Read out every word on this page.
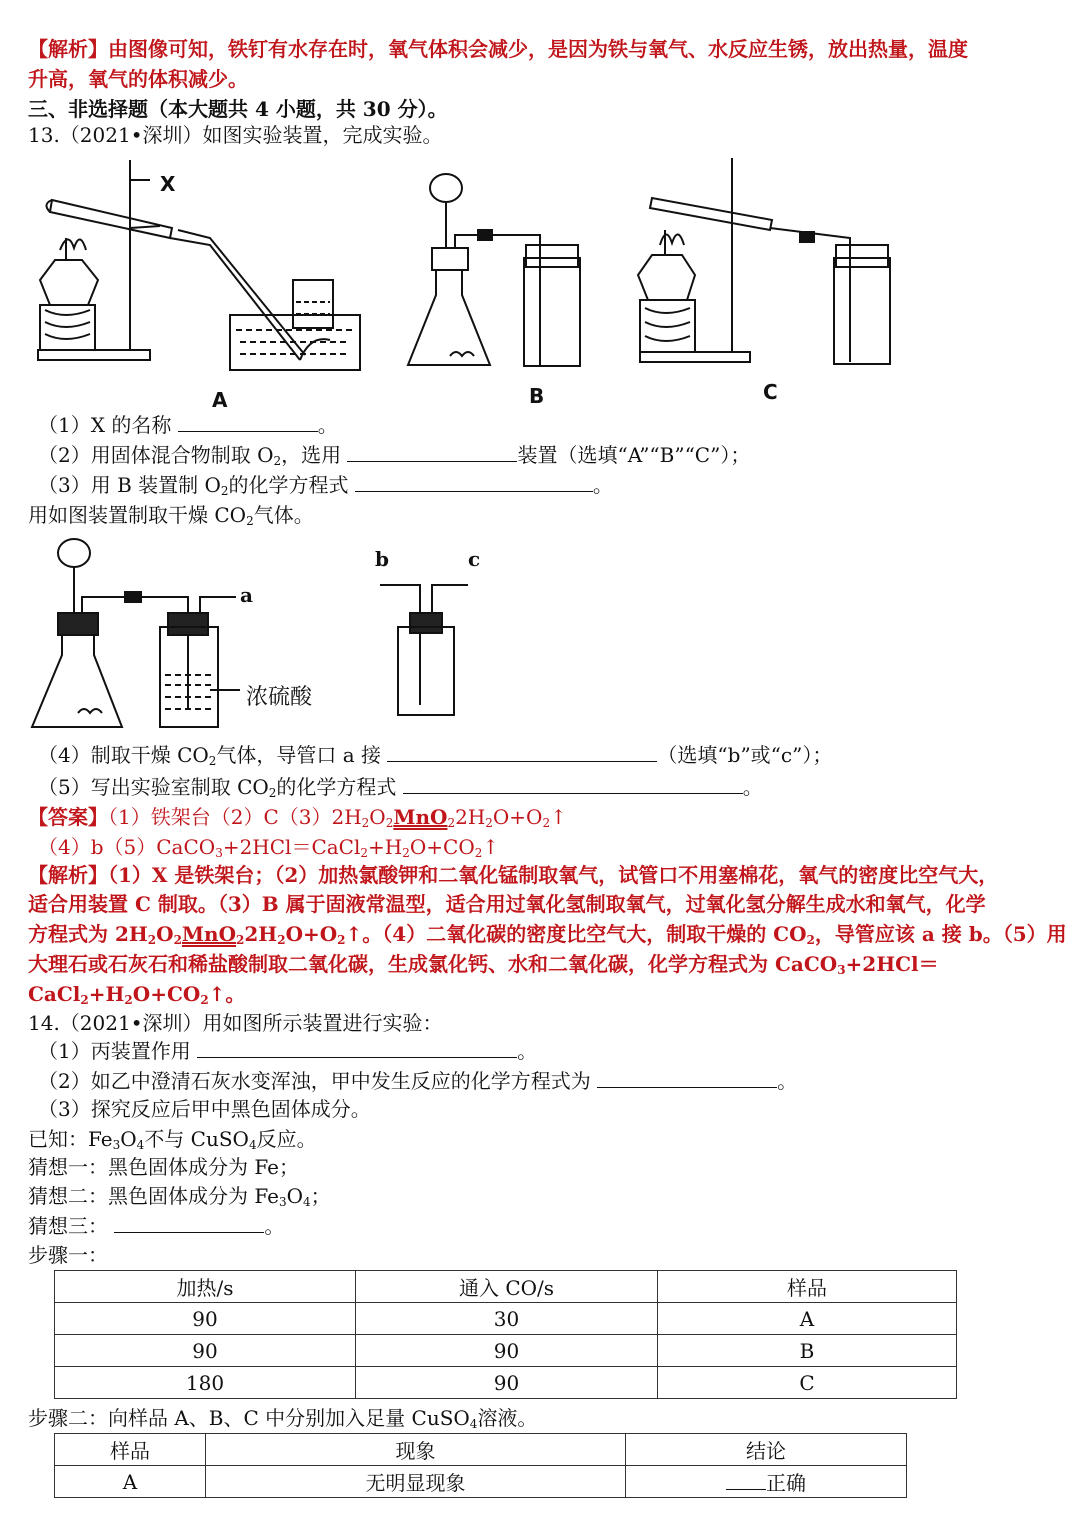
【解析】由图像可知，铁钉有水存在时，氧气体积会减少，是因为铁与氧气、水反应生锈，放出热量，温度
升高，氧气的体积减少。
三、非选择题（本大题共 4 小题，共 30 分）。
13.（2021•深圳）如图实验装置，完成实验。
X
A	B	C
（1）X 的名称	。
（2）用固体混合物制取 $O_2$，选用	装置（选填“A”“B”“C”）；
（3）用 B 装置制 $O_2$的化学方程式	。
用如图装置制取干燥 $CO_2$气体。
a
b	c
浓硫酸
（4）制取干燥 $CO_2$气体，导管口 a 接	（选填“b”或“c”）；
（5）写出实验室制取 $CO_2$的化学方程式	。
【答案】（1）铁架台$(2)C(3)2H_2O_2MnO_22H_2O+O_2↑$
$(4)b(5)CaCO_3+2HCl=CaCl_2+H_2O+CO_2↑$
【解析】（1）X 是铁架台；（2）加热氯酸钾和二氧化锰制取氧气，试管口不用塞棉花，氧气的密度比空气大，
适合用装置 C 制取。（3）B 属于固液常温型，适合用过氧化氢制取氧气，过氧化氢分解生成水和氧气，化学
方程式为 $2H_2O_2MnO_22H_2O+O_2↑$。（4）二氧化碳的密度比空气大，制取干燥的 $CO_2$，导管应该 a 接 b。（5）用
大理石或石灰石和稀盐酸制取二氧化碳，生成氯化钙、水和二氧化碳，化学方程式为 CaCO$_3$+2HCl＝
$CaCl_2+H_2O+CO_2↑$。
14.（2021•深圳）用如图所示装置进行实验：
（1）丙装置作用	。
（2）如乙中澄清石灰水变浑浊，甲中发生反应的化学方程式为	。
（3）探究反应后甲中黑色固体成分。
已知：$Fe_3O_4$不与 CuSO$_4$反应。
猜想一：黑色固体成分为 Fe；
猜想二：黑色固体成分为 $Fe_3O_4$；
猜想三：	。
步骤一：
加热/s	通入 CO/s	样品
90	30	A
90	90	B
180	90	C
步骤二：向样品 A、B、C 中分别加入足量 CuSO$_4$溶液。
样品	现象	结论
A	无明显现象	正确
